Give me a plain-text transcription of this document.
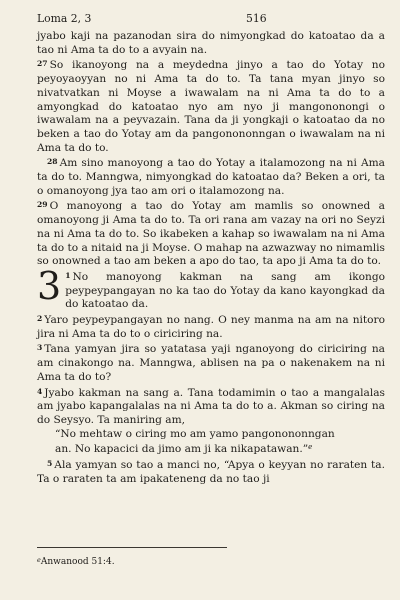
Loma 2, 3	516

jyabo kaji na pazanodan sira do nimyongkad do katoatao da a tao ni Ama ta do to a avyain na.

27 So ikanoyong na a meydedna jinyo a tao do Yotay no peyoyaoyyan no ni Ama ta do to. Ta tana myan jinyo so nivatvatkan ni Moyse a iwawalam na ni Ama ta do to a amyongkad do katoatao nyo am nyo ji mangononongi o iwawalam na a peyvazain. Tana da ji yongkaji o katoatao da no beken a tao do Yotay am da pangonononngan o iwawalam na ni Ama ta do to.

28 Am sino manoyong a tao do Yotay a italamozong na ni Ama ta do to. Manngwa, nimyongkad do katoatao da? Beken a ori, ta o omanoyong jya tao am ori o italamozong na.

29 O manoyong a tao do Yotay am mamlis so onowned a omanoyong ji Ama ta do to. Ta ori rana am vazay na ori no Seyzi na ni Ama ta do to. So ikabeken a kahap so iwawalam na ni Ama ta do to a nitaid na ji Moyse. O mahap na azwazway no nimamlis so onowned a tao am beken a apo do tao, ta apo ji Ama ta do to.

3 1 No manoyong kakman na sang am ikongo peypeypangayan no ka tao do Yotay da kano kayongkad da do katoatao da.

2 Yaro peypeypangayan no nang. O ney manma na am na nitoro jira ni Ama ta do to o ciriciring na.

3 Tana yamyan jira so yatatasa yaji nganoyong do ciriciring na am cinakongo na. Manngwa, ablisen na pa o nakenakem na ni Ama ta do to?

4 Jyabo kakman na sang a. Tana todamimin o tao a mangalalas am jyabo kapangalalas na ni Ama ta do to a. Akman so ciring na do Seysyo. Ta maniring am,

“No mehtaw o ciring mo am yamo pangonononngan
an. No kapacici da jimo am ji ka nikapatawan.”$^e$

5 Ala yamyan so tao a manci no, “Apya o keyyan no raraten ta. Ta o raraten ta am ipakateneng da no tao ji

$^e$Anwanood 51:4.
